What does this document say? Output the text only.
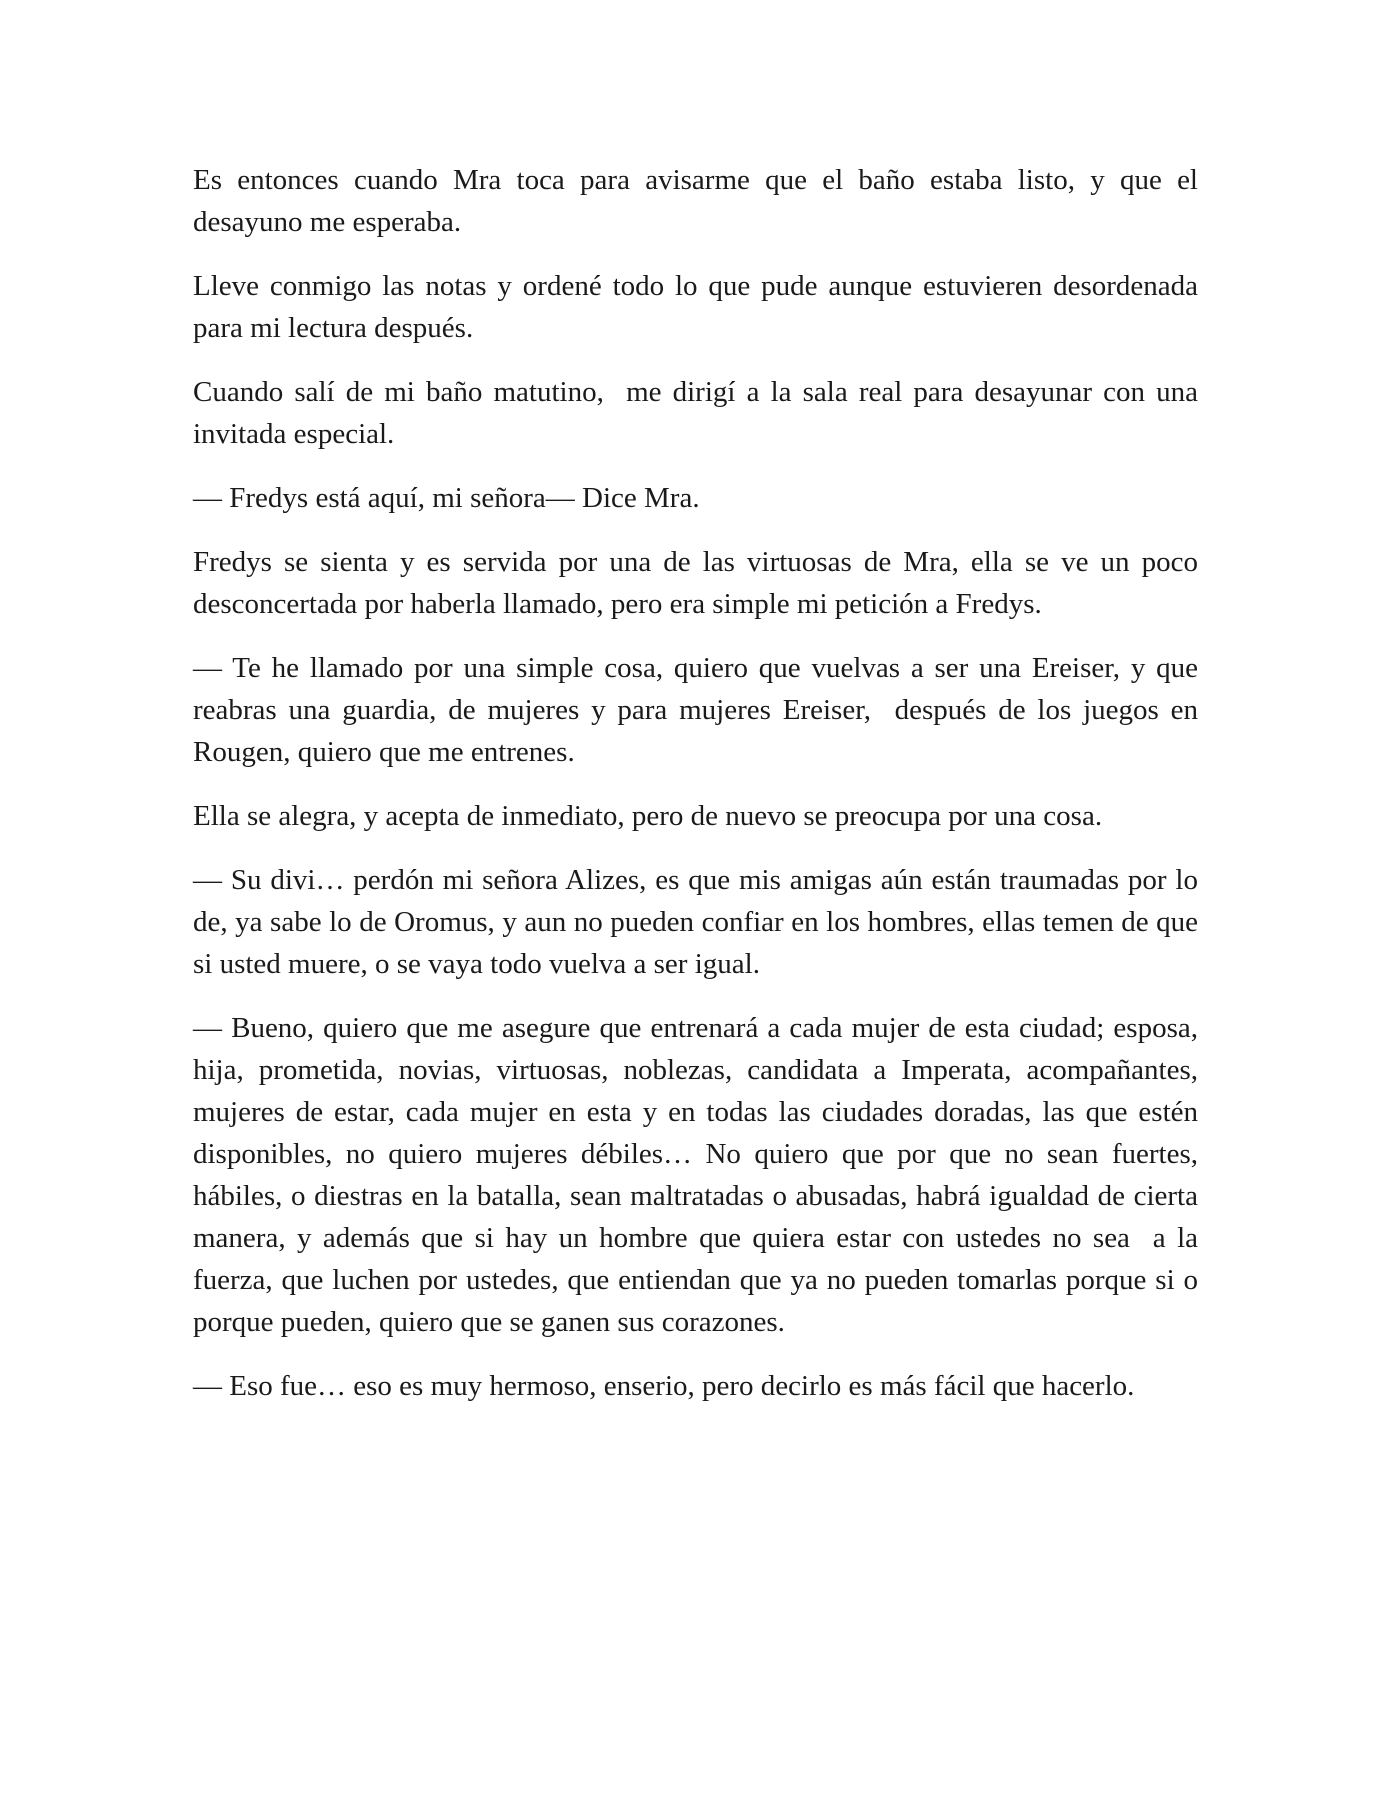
Es entonces cuando Mra toca para avisarme que el baño estaba listo, y que el desayuno me esperaba.

Lleve conmigo las notas y ordené todo lo que pude aunque estuvieren desordenada para mi lectura después.

Cuando salí de mi baño matutino,  me dirigí a la sala real para desayunar con una invitada especial.

— Fredys está aquí, mi señora— Dice Mra.

Fredys se sienta y es servida por una de las virtuosas de Mra, ella se ve un poco desconcertada por haberla llamado, pero era simple mi petición a Fredys.

— Te he llamado por una simple cosa, quiero que vuelvas a ser una Ereiser, y que reabras una guardia, de mujeres y para mujeres Ereiser,  después de los juegos en Rougen, quiero que me entrenes.

Ella se alegra, y acepta de inmediato, pero de nuevo se preocupa por una cosa.

— Su divi… perdón mi señora Alizes, es que mis amigas aún están traumadas por lo de, ya sabe lo de Oromus, y aun no pueden confiar en los hombres, ellas temen de que si usted muere, o se vaya todo vuelva a ser igual.

— Bueno, quiero que me asegure que entrenará a cada mujer de esta ciudad; esposa, hija, prometida, novias, virtuosas, noblezas, candidata a Imperata, acompañantes, mujeres de estar, cada mujer en esta y en todas las ciudades doradas, las que estén disponibles, no quiero mujeres débiles… No quiero que por que no sean fuertes, hábiles, o diestras en la batalla, sean maltratadas o abusadas, habrá igualdad de cierta manera, y además que si hay un hombre que quiera estar con ustedes no sea  a la fuerza, que luchen por ustedes, que entiendan que ya no pueden tomarlas porque si o porque pueden, quiero que se ganen sus corazones.

— Eso fue… eso es muy hermoso, enserio, pero decirlo es más fácil que hacerlo.
